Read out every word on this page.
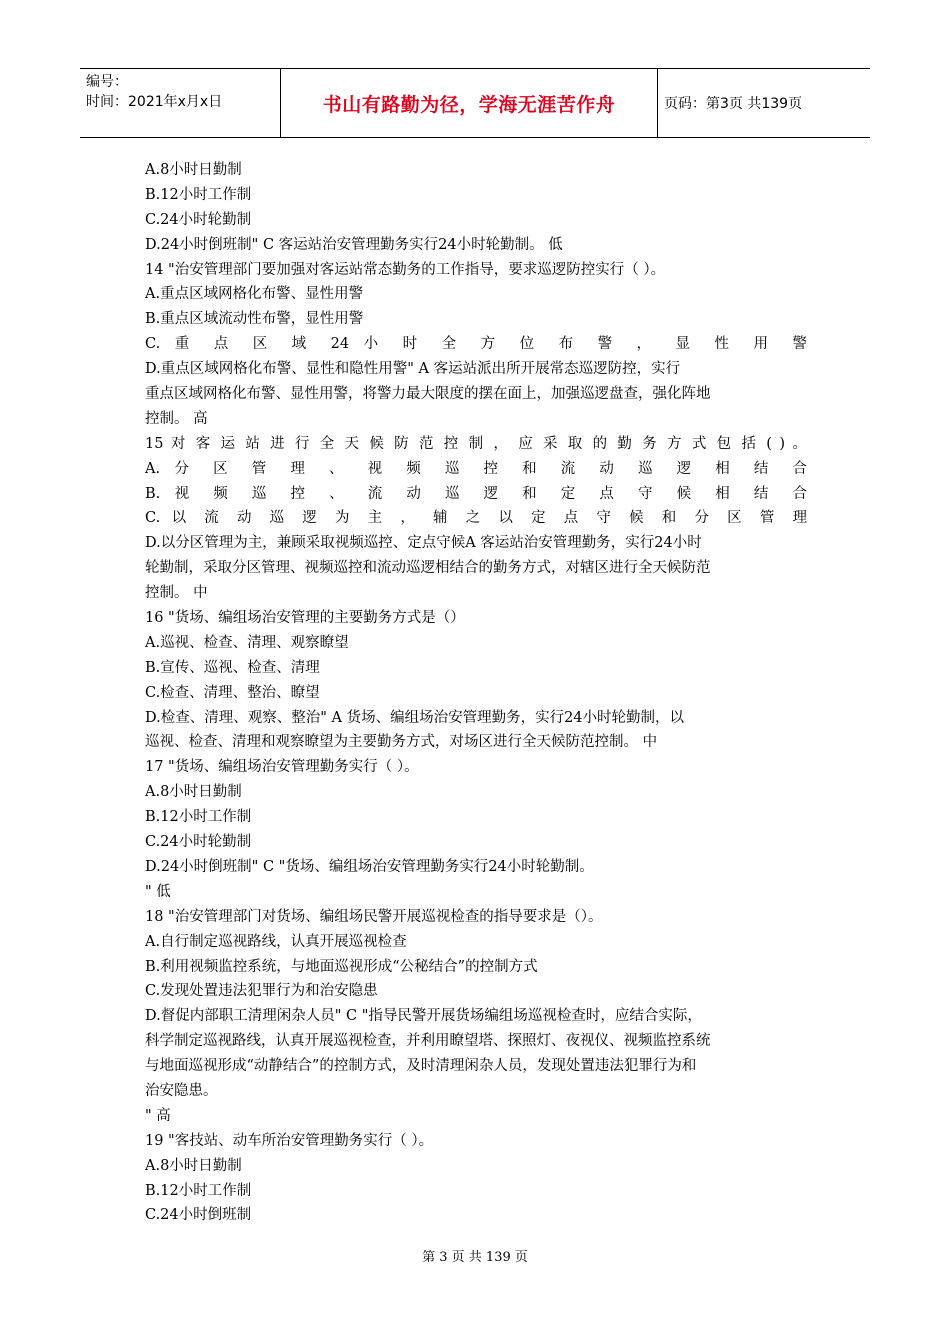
编号：
时间：2021年x月x日	书山有路勤为径，学海无涯苦作舟	页码：第3页 共139页
A.8小时日勤制
B.12小时工作制
C.24小时轮勤制
D.24小时倒班制" C 客运站治安管理勤务实行24小时轮勤制。 低
14 "治安管理部门要加强对客运站常态勤务的工作指导，要求巡逻防控实行（ ）。
A.重点区域网格化布警、显性用警
B.重点区域流动性布警，显性用警
C. 重 点 区 域 24 小 时 全 方 位 布 警 ， 显 性 用 警
D.重点区域网格化布警、显性和隐性用警" A 客运站派出所开展常态巡逻防控，实行
重点区域网格化布警、显性用警，将警力最大限度的摆在面上，加强巡逻盘查，强化阵地
控制。 高
15 对 客 运 站 进 行 全 天 候 防 范 控 制 ， 应 采 取 的 勤 务 方 式 包 括 ( ) 。
A. 分 区 管 理 、 视 频 巡 控 和 流 动 巡 逻 相 结 合
B. 视 频 巡 控 、 流 动 巡 逻 和 定 点 守 候 相 结 合
C. 以 流 动 巡 逻 为 主 ， 辅 之 以 定 点 守 候 和 分 区 管 理
D.以分区管理为主，兼顾采取视频巡控、定点守候A 客运站治安管理勤务，实行24小时
轮勤制，采取分区管理、视频巡控和流动巡逻相结合的勤务方式，对辖区进行全天候防范
控制。 中
16 "货场、编组场治安管理的主要勤务方式是（）
A.巡视、检查、清理、观察瞭望
B.宣传、巡视、检查、清理
C.检查、清理、整治、瞭望
D.检查、清理、观察、整治" A 货场、编组场治安管理勤务，实行24小时轮勤制，以
巡视、检查、清理和观察瞭望为主要勤务方式，对场区进行全天候防范控制。 中
17 "货场、编组场治安管理勤务实行（ ）。
A.8小时日勤制
B.12小时工作制
C.24小时轮勤制
D.24小时倒班制" C "货场、编组场治安管理勤务实行24小时轮勤制。
" 低
18 "治安管理部门对货场、编组场民警开展巡视检查的指导要求是（）。
A.自行制定巡视路线，认真开展巡视检查
B.利用视频监控系统，与地面巡视形成“公秘结合”的控制方式
C.发现处置违法犯罪行为和治安隐患
D.督促内部职工清理闲杂人员" C "指导民警开展货场编组场巡视检查时，应结合实际，
科学制定巡视路线，认真开展巡视检查，并利用瞭望塔、探照灯、夜视仪、视频监控系统
与地面巡视形成“动静结合”的控制方式，及时清理闲杂人员，发现处置违法犯罪行为和
治安隐患。
" 高
19 "客技站、动车所治安管理勤务实行（ ）。
A.8小时日勤制
B.12小时工作制
C.24小时倒班制
第 3 页 共 139 页
